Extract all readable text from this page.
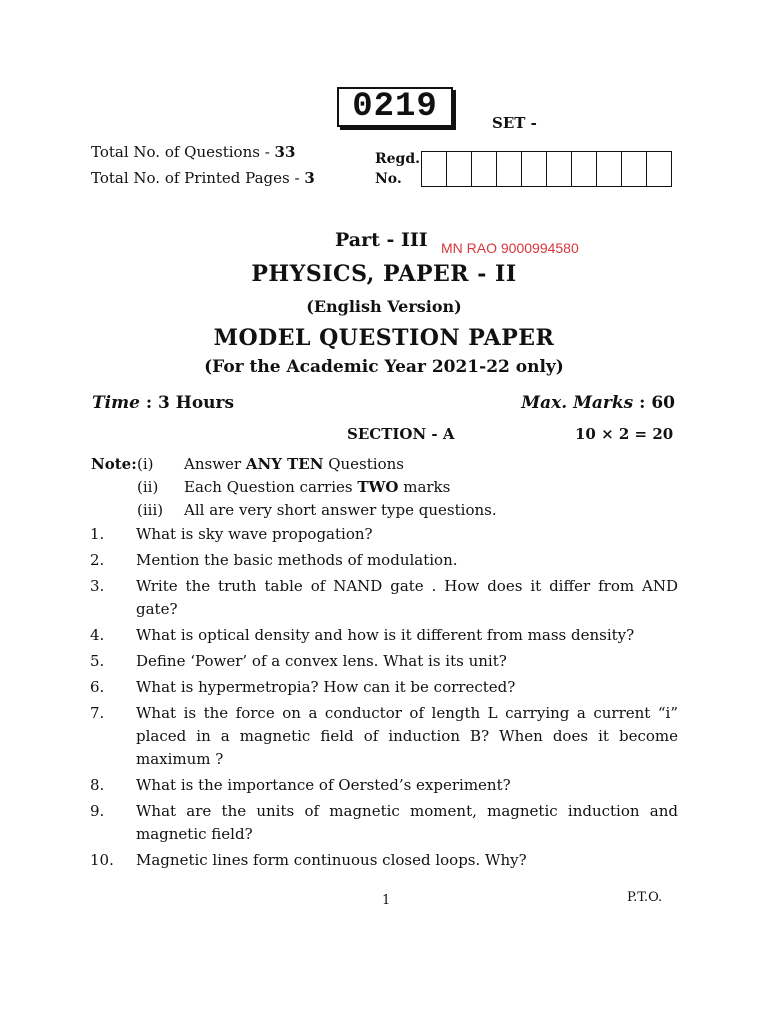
0219	SET -
Total No. of Questions - 33
Total No. of Printed Pages - 3
Regd.
No.
Part - III MN RAO 9000994580
PHYSICS, PAPER - II
(English Version)
MODEL QUESTION PAPER
(For the Academic Year 2021-22 only)
Time : 3 Hours	Max. Marks : 60
SECTION - A	10 × 2 = 20
Note: (i) Answer ANY TEN Questions
(ii) Each Question carries TWO marks
(iii) All are very short answer type questions.
1.	What is sky wave propogation?
2.	Mention the basic methods of modulation.
3.	Write the truth table of NAND gate . How does it differ from AND gate?
4.	What is optical density and how is it different from mass density?
5.	Define ‘Power’ of a convex lens. What is its unit?
6.	What is hypermetropia? How can it be corrected?
7.	What is the force on a conductor of length L carrying a current “i” placed in a magnetic field of induction B? When does it become maximum ?
8.	What is the importance of Oersted’s experiment?
9.	What are the units of magnetic moment, magnetic induction and magnetic field?
10.	Magnetic lines form continuous closed loops. Why?
1	P.T.O.
